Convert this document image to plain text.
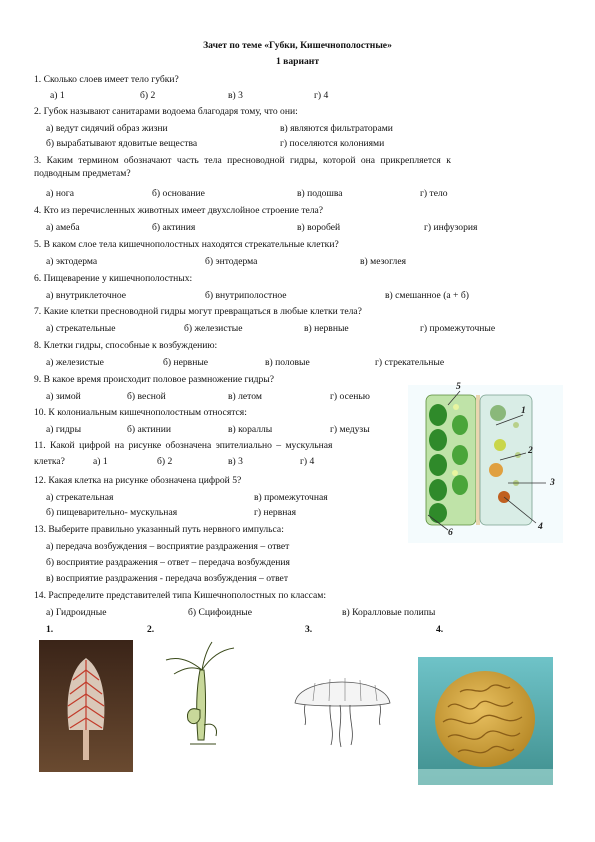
Зачет по теме «Губки, Кишечнополостные»
1 вариант
1. Сколько слоев имеет тело губки?
а) 1	б) 2	в) 3	г) 4
2. Губок называют санитарами водоема благодаря тому, что они:
а) ведут сидячий образ жизни	в) являются фильтраторами
б) вырабатывают ядовитые вещества	г) поселяются колониями
3. Каким термином обозначают часть тела пресноводной гидры, которой она прикрепляется к
подводным предметам?
а) нога	б) основание	в) подошва	г) тело
4. Кто из перечисленных животных имеет двухслойное строение тела?
а) амеба	б) актиния	в) воробей	г) инфузория
5. В каком слое тела кишечнополостных находятся стрекательные клетки?
а) эктодерма	б) энтодерма	в) мезоглея
6. Пищеварение у кишечнополостных:
а) внутриклеточное	б) внутриполостное	в) смешанное (а + б)
7. Какие клетки пресноводной гидры могут превращаться в любые клетки тела?
а) стрекательные	б) железистые	в) нервные	г) промежуточные
8. Клетки гидры, способные к возбуждению:
а) железистые	б) нервные	в) половые	г) стрекательные
9. В какое время происходит половое размножение гидры?
а) зимой	б) весной	в) летом	г) осенью
10. К колониальным кишечнополостным относятся:
а) гидры	б) актинии	в) кораллы	г) медузы
11. Какой цифрой на рисунке обозначена эпителиально – мускульная
клетка?	а) 1	б) 2	в) 3	г) 4
12. Какая клетка на рисунке обозначена цифрой 5?
а) стрекательная	в) промежуточная
б) пищеварительно- мускульная	г) нервная
13. Выберите правильно указанный путь нервного импульса:
а) передача возбуждения – восприятие раздражения – ответ
б) восприятие раздражения – ответ – передача возбуждения
в) восприятие раздражения - передача возбуждения – ответ
14. Распределите представителей типа Кишечнополостных по классам:
а) Гидроидные	б) Сцифоидные	в) Коралловые полипы
5
1
2
3
4
6
1.	2.	3.	4.
